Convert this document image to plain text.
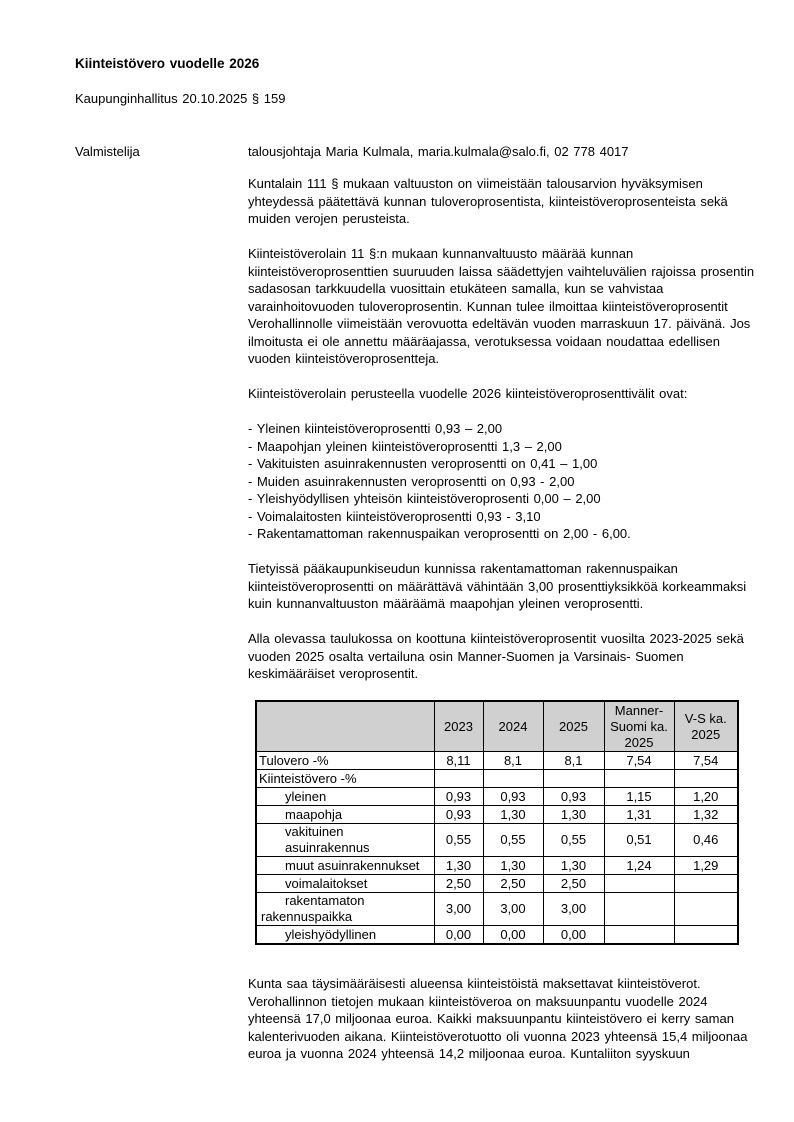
Kiinteistövero vuodelle 2026
Kaupunginhallitus 20.10.2025 § 159
Valmistelija	talousjohtaja Maria Kulmala, maria.kulmala@salo.fi, 02 778 4017

Kuntalain 111 § mukaan valtuuston on viimeistään talousarvion hyväksymisen yhteydessä päätettävä kunnan tuloveroprosentista, kiinteistöveroprosenteista sekä muiden verojen perusteista.

Kiinteistöverolain 11 §:n mukaan kunnanvaltuusto määrää kunnan kiinteistöveroprosenttien suuruuden laissa säädettyjen vaihteluvälien rajoissa prosentin sadasosan tarkkuudella vuosittain etukäteen samalla, kun se vahvistaa varainhoitovuoden tuloveroprosentin. Kunnan tulee ilmoittaa kiinteistöveroprosentit Verohallinnolle viimeistään verovuotta edeltävän vuoden marraskuun 17. päivänä. Jos ilmoitusta ei ole annettu määräajassa, verotuksessa voidaan noudattaa edellisen vuoden kiinteistöveroprosentteja.

Kiinteistöverolain perusteella vuodelle 2026 kiinteistöveroprosenttivälit ovat:

- Yleinen kiinteistöveroprosentti 0,93 – 2,00
- Maapohjan yleinen kiinteistöveroprosentti 1,3 – 2,00
- Vakituisten asuinrakennusten veroprosentti on 0,41 – 1,00
- Muiden asuinrakennusten veroprosentti on 0,93 - 2,00
- Yleishyödyllisen yhteisön kiinteistöveroprosenti 0,00 – 2,00
- Voimalaitosten kiinteistöveroprosentti 0,93 - 3,10
- Rakentamattoman rakennuspaikan veroprosentti on 2,00 - 6,00.

Tietyissä pääkaupunkiseudun kunnissa rakentamattoman rakennuspaikan kiinteistöveroprosentti on määrättävä vähintään 3,00 prosenttiyksikköä korkeammaksi kuin kunnanvaltuuston määräämä maapohjan yleinen veroprosentti.

Alla olevassa taulukossa on koottuna kiinteistöveroprosentit vuosilta 2023-2025 sekä vuoden 2025 osalta vertailuna osin Manner-Suomen ja Varsinais- Suomen keskimääräiset veroprosentit.

	2023	2024	2025	Manner-Suomi ka. 2025	V-S ka. 2025
Tulovero -%	8,11	8,1	8,1	7,54	7,54
Kiinteistövero -%					
yleinen	0,93	0,93	0,93	1,15	1,20
maapohja	0,93	1,30	1,30	1,31	1,32
vakituinen asuinrakennus	0,55	0,55	0,55	0,51	0,46
muut asuinrakennukset	1,30	1,30	1,30	1,24	1,29
voimalaitokset	2,50	2,50	2,50		
rakentamaton rakennuspaikka	3,00	3,00	3,00		
yleishyödyllinen	0,00	0,00	0,00		

Kunta saa täysimääräisesti alueensa kiinteistöistä maksettavat kiinteistöverot. Verohallinnon tietojen mukaan kiinteistöveroa on maksuunpantu vuodelle 2024 yhteensä 17,0 miljoonaa euroa. Kaikki maksuunpantu kiinteistövero ei kerry saman kalenterivuoden aikana. Kiinteistöverotuotto oli vuonna 2023 yhteensä 15,4 miljoonaa euroa ja vuonna 2024 yhteensä 14,2 miljoonaa euroa. Kuntaliiton syyskuun
